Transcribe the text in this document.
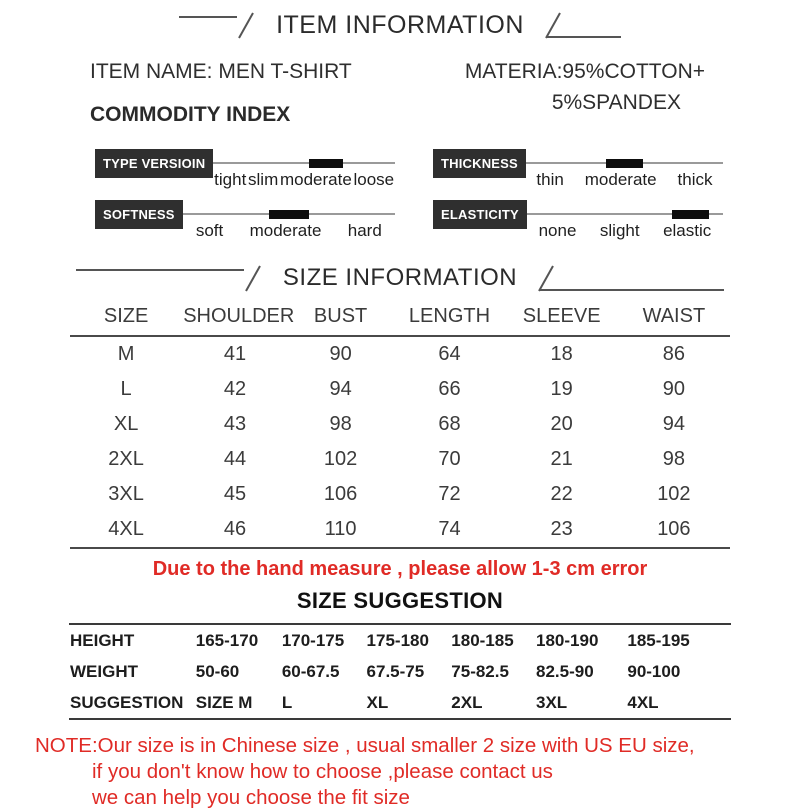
ITEM INFORMATION
ITEM NAME: MEN T-SHIRT
COMMODITY INDEX
MATERIA:95%COTTON+
5%SPANDEX
TYPE VERSIOIN
tight slim moderate loose
THICKNESS
thin moderate thick
SOFTNESS
soft moderate hard
ELASTICITY
none slight elastic
SIZE INFORMATION
SIZE	SHOULDER	BUST	LENGTH	SLEEVE	WAIST
M	41	90	64	18	86
L	42	94	66	19	90
XL	43	98	68	20	94
2XL	44	102	70	21	98
3XL	45	106	72	22	102
4XL	46	110	74	23	106
Due to the hand measure , please allow 1-3 cm error
SIZE SUGGESTION
HEIGHT	165-170	170-175	175-180	180-185	180-190	185-195
WEIGHT	50-60	60-67.5	67.5-75	75-82.5	82.5-90	90-100
SUGGESTION	SIZE M	L	XL	2XL	3XL	4XL
NOTE:Our size is in Chinese size , usual smaller 2 size with US EU size,
if you don't know how to choose ,please contact us
we can help you choose the fit size
